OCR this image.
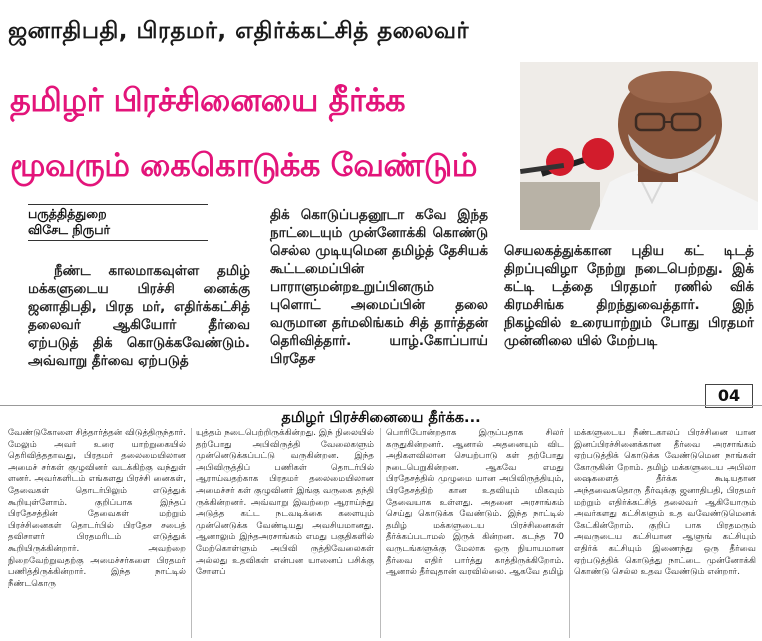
ஜனாதிபதி, பிரதமர், எதிர்க்கட்சித் தலைவர்
தமிழர் பிரச்சினையை தீர்க்க
மூவரும் கைகொடுக்க வேண்டும்
பருத்தித்துறை
விசேட நிருபர்

நீண்ட காலமாகவுள்ள தமிழ் மக்களுடைய பிரச்சி னைக்கு ஜனாதிபதி, பிரத மர், எதிர்க்கட்சித் தலைவர் ஆகியோர் தீர்வை ஏற்படுத் திக் கொடுக்கவேண்டும். அவ்வாறு தீர்வை ஏற்படுத்

திக் கொடுப்பதனூடா கவே இந்த நாட்டையும் முன்னோக்கி கொண்டு செல்ல முடியுமென தமிழ்த் தேசியக் கூட்டமைப்பின் பாராளுமன்றஉறுப்பினரும் புளொட் அமைப்பின் தலை வருமான தர்மலிங்கம் சித் தார்த்தன் தெரிவித்தார். யாழ்.கோப்பாய் பிரதேச

செயலகத்துக்கான புதிய கட் டிடத் திறப்புவிழா நேற்று நடைபெற்றது. இக் கட்டி டத்தை பிரதமர் ரணில் விக் கிரமசிங்க திறந்துவைத்தார். இந் நிகழ்வில் உரையாற்றும் போது பிரதமர் முன்னிலை யில் மேற்படி

04
தமிழர் பிரச்சினையை தீர்க்க...
வேண்டுகோளை சித்தார்த்தன் விடுத்திருந்தார். மேலும் அவர் உரை யாற்றுகையில் தெரிவித்ததாவது, பிரதமர் தலைமையிலான அமைச் சர்கள் குழுவினர் வடக்கிற்கு வந்துள் ளனர். அவர்களிடம் எங்களது பிரச்சி னைகள், தேவைகள் தொடர்பிலும் எடுத்துக் கூறியுள்ளோம். குறிப்பாக இந்தப் பிரதேசத்தின் தேவைகள் மற்றும் பிரச்சினைகள் தொடர்பில் பிரதேச சபைத் தவிசாளர் பிரதமரிடம் எடுத்துக் கூறியிருக்கின்றார். அவற்றை நிறைவேற்றுவதற்கு அமைச்சர்களை பிரதமர் பணித்திருக்கின்றார். இந்த நாட்டில் நீண்டகொரு
யுத்தம் நடைபெற்றிருக்கின்றது. இந் நிலையில் தற்போது அபிவிருத்தி வேலைகளும் முன்னெடுக்கப்பட்டு வருகின்றன. இந்த அபிவிருத்திப் பணிகள் தொடர்பில் ஆராய்வதற்காக பிரதமர் தலைமையிலான அமைச்சர் கள் குழுவினர் இங்கு வருகை தந்தி ருக்கின்றனர். அவ்வாறு இவற்றை ஆராய்ந்து அடுத்த கட்ட நடவடிக்கை களையும் முன்னெடுக்க வேண்டியது அவசியமானது. ஆனாலும் இந்தஅரசாங்கம் எமது பகுதிகளில் மேற்கொள்ளும் அபிவி ருத்திவேலைகள் அல்லது உதவிகள் என்பன யானைப் பசிக்கு சோளப்
பொரிபோன்றதாக இருப்பதாக சிலர் கருதுகின்றனர். ஆனால் அதனையும் விட அதிகளவிலான செயற்பாடு கள் தற்போது நடைபெறுகின்றன. ஆகவே எமது பிரதேசத்தில் முழுமை யான அபிவிருத்தியும், பிரதேசத்திற் கான உதவியும் மிகவும் தேவையாக உள்ளது. அதனை அரசாங்கம் செய்து கொடுக்க வேண்டும். இந்த நாட்டில் தமிழ் மக்களுடைய பிரச்சினைகள் தீர்க்கப்படாமல் இருக் கின்றன. கடந்த 70 வருடங்களுக்கு மேலாக ஒரு நியாயமான தீர்வை எதிர் பார்த்து காத்திருக்கிறோம். ஆனால் தீர்வுதான் வரவில்லை. ஆகவே தமிழ்
மக்களுடைய நீண்டகாலப் பிரச்சினை யான இனப்பிரச்சினைக்கான தீர்வை அரசாங்கம் ஏற்படுத்திக் கொடுக்க வேண்டுமென நாங்கள் கோருகின் றோம். தமிழ் மக்களுடைய அபிலா ஷைகளைத் தீர்க்க கூடியதான அந்தவைகதொரு தீர்வுக்கு ஜனாதிபதி, பிரதமர் மற்றும் எதிர்க்கட்சித் தலைவர் ஆகியோரும் அவர்களது கட்சிகளும் உத வவேண்டுமெனக் கேட்கின்றோம். குறிப் பாக பிரதமரும் அவருடைய கட்சியான ஆளுங் கட்சியும் எதிர்க் கட்சியும் இணைந்து ஒரு தீர்வை ஏற்படுத்திக் கொடுத்து நாட்டை முன்னோக்கி கொண்டு செல்ல உதவ வேண்டும் என்றார்.
